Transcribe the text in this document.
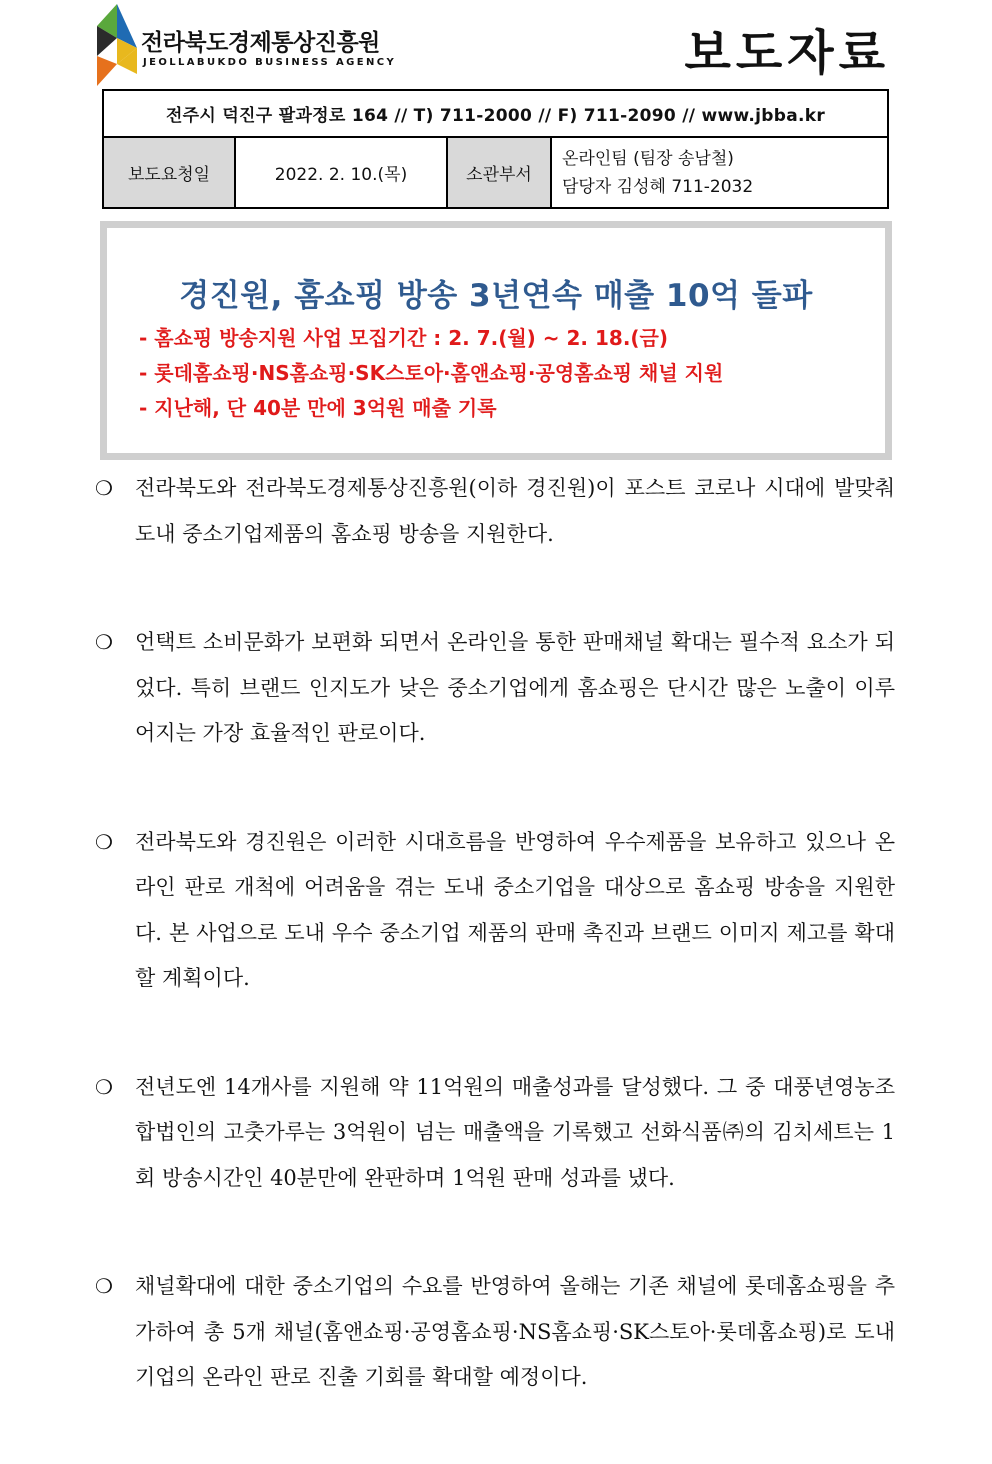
전라북도경제통상진흥원
JEOLLABUKDO BUSINESS AGENCY	보도자료
전주시 덕진구 팔과정로 164 // T) 711-2000 // F) 711-2090 // www.jbba.kr
보도요청일	2022. 2. 10.(목)	소관부서	
온라인팀 (팀장 송남철)
담당자 김성혜 711-2032
경진원, 홈쇼핑 방송 3년연속 매출 10억 돌파
- 홈쇼핑 방송지원 사업 모집기간 : 2. 7.(월) ~ 2. 18.(금)
- 롯데홈쇼핑·NS홈쇼핑·SK스토아·홈앤쇼핑·공영홈쇼핑 채널 지원
- 지난해, 단 40분 만에 3억원 매출 기록
❍ 전라북도와 전라북도경제통상진흥원(이하 경진원)이 포스트 코로나 시대에 발맞춰 도내 중소기업제품의 홈쇼핑 방송을 지원한다.
❍ 언택트 소비문화가 보편화 되면서 온라인을 통한 판매채널 확대는 필수적 요소가 되었다. 특히 브랜드 인지도가 낮은 중소기업에게 홈쇼핑은 단시간 많은 노출이 이루어지는 가장 효율적인 판로이다.
❍ 전라북도와 경진원은 이러한 시대흐름을 반영하여 우수제품을 보유하고 있으나 온라인 판로 개척에 어려움을 겪는 도내 중소기업을 대상으로 홈쇼핑 방송을 지원한다. 본 사업으로 도내 우수 중소기업 제품의 판매 촉진과 브랜드 이미지 제고를 확대할 계획이다.
❍ 전년도엔 14개사를 지원해 약 11억원의 매출성과를 달성했다. 그 중 대풍년영농조합법인의 고춧가루는 3억원이 넘는 매출액을 기록했고 선화식품㈜의 김치세트는 1회 방송시간인 40분만에 완판하며 1억원 판매 성과를 냈다.
❍ 채널확대에 대한 중소기업의 수요를 반영하여 올해는 기존 채널에 롯데홈쇼핑을 추가하여 총 5개 채널(홈앤쇼핑·공영홈쇼핑·NS홈쇼핑·SK스토아·롯데홈쇼핑)로 도내기업의 온라인 판로 진출 기회를 확대할 예정이다.
